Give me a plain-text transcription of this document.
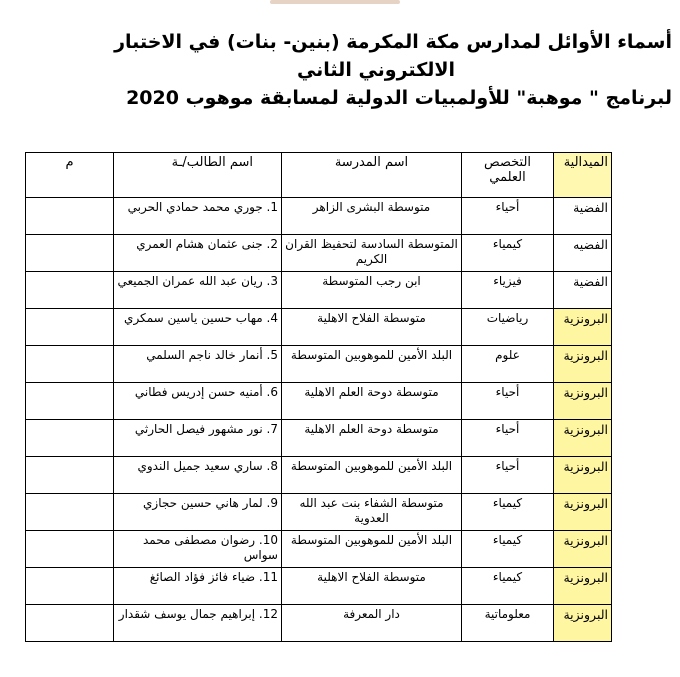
أسماء الأوائل لمدارس مكة المكرمة (بنين- بنات) في الاختبار
الالكتروني الثاني
لبرنامج " موهبة" للأولمبيات الدولية لمسابقة موهوب 2020
الميدالية	التخصص العلمي	اسم المدرسة	اسم الطالب/ـة	م
الفضية	أحياء	متوسطة البشرى الزاهر	1. جوري محمد حمادي الحربي	
الفضيه	كيمياء	المتوسطة السادسة لتحفيظ القران الكريم	2. جنى عثمان هشام العمري	
الفضية	فيزياء	ابن رجب المتوسطة	3. ريان عبد الله عمران الجميعي	
البرونزية	رياضيات	متوسطة الفلاح الاهلية	4. مهاب حسين ياسين سمكري	
البرونزية	علوم	البلد الأمين للموهوبين المتوسطة	5. أنمار خالد ناجم السلمي	
البرونزية	أحياء	متوسطة دوحة العلم الاهلية	6. أمنيه حسن إدريس فطاني	
البرونزية	أحياء	متوسطة دوحة العلم الاهلية	7. نور مشهور فيصل الحارثي	
البرونزية	أحياء	البلد الأمين للموهوبين المتوسطة	8. ساري سعيد جميل الندوي	
البرونزية	كيمياء	متوسطة الشفاء بنت عبد الله العدوية	9. لمار هاني حسين حجازي	
البرونزية	كيمياء	البلد الأمين للموهوبين المتوسطة	10. رضوان مصطفى محمد سواس	
البرونزية	كيمياء	متوسطة الفلاح الاهلية	11. ضياء فائز فؤاد الصائغ	
البرونزية	معلوماتية	دار المعرفة	12. إبراهيم جمال يوسف شقدار	
